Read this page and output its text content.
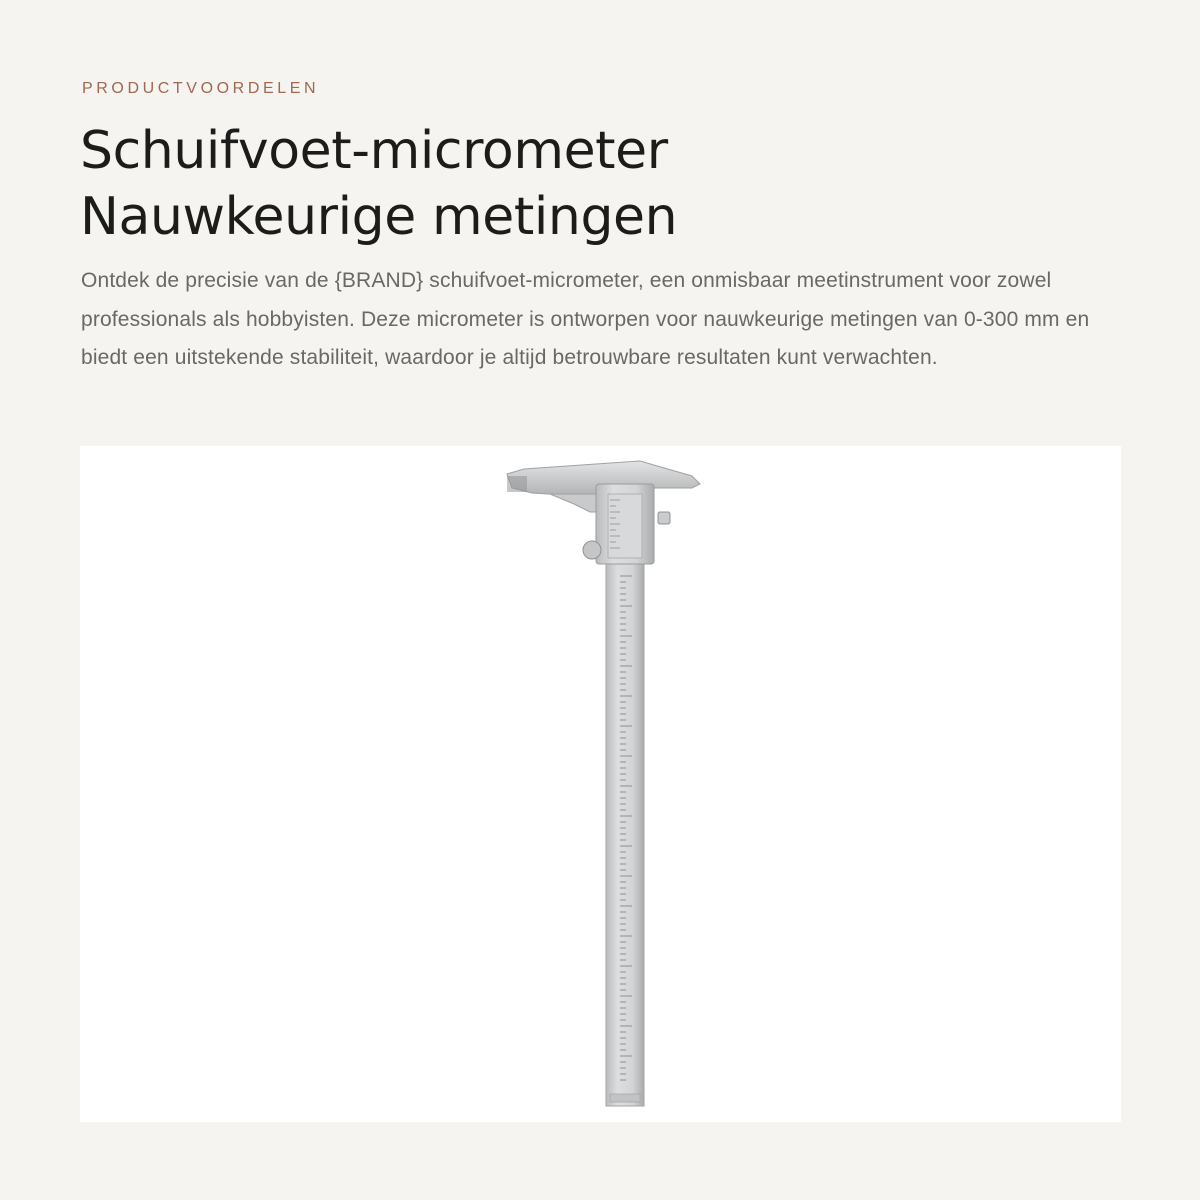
PRODUCTVOORDELEN
Schuifvoet-micrometer
Nauwkeurige metingen

Ontdek de precisie van de {BRAND} schuifvoet-micrometer, een onmisbaar meetinstrument voor zowel professionals als hobbyisten. Deze micrometer is ontworpen voor nauwkeurige metingen van 0-300 mm en biedt een uitstekende stabiliteit, waardoor je altijd betrouwbare resultaten kunt verwachten.
